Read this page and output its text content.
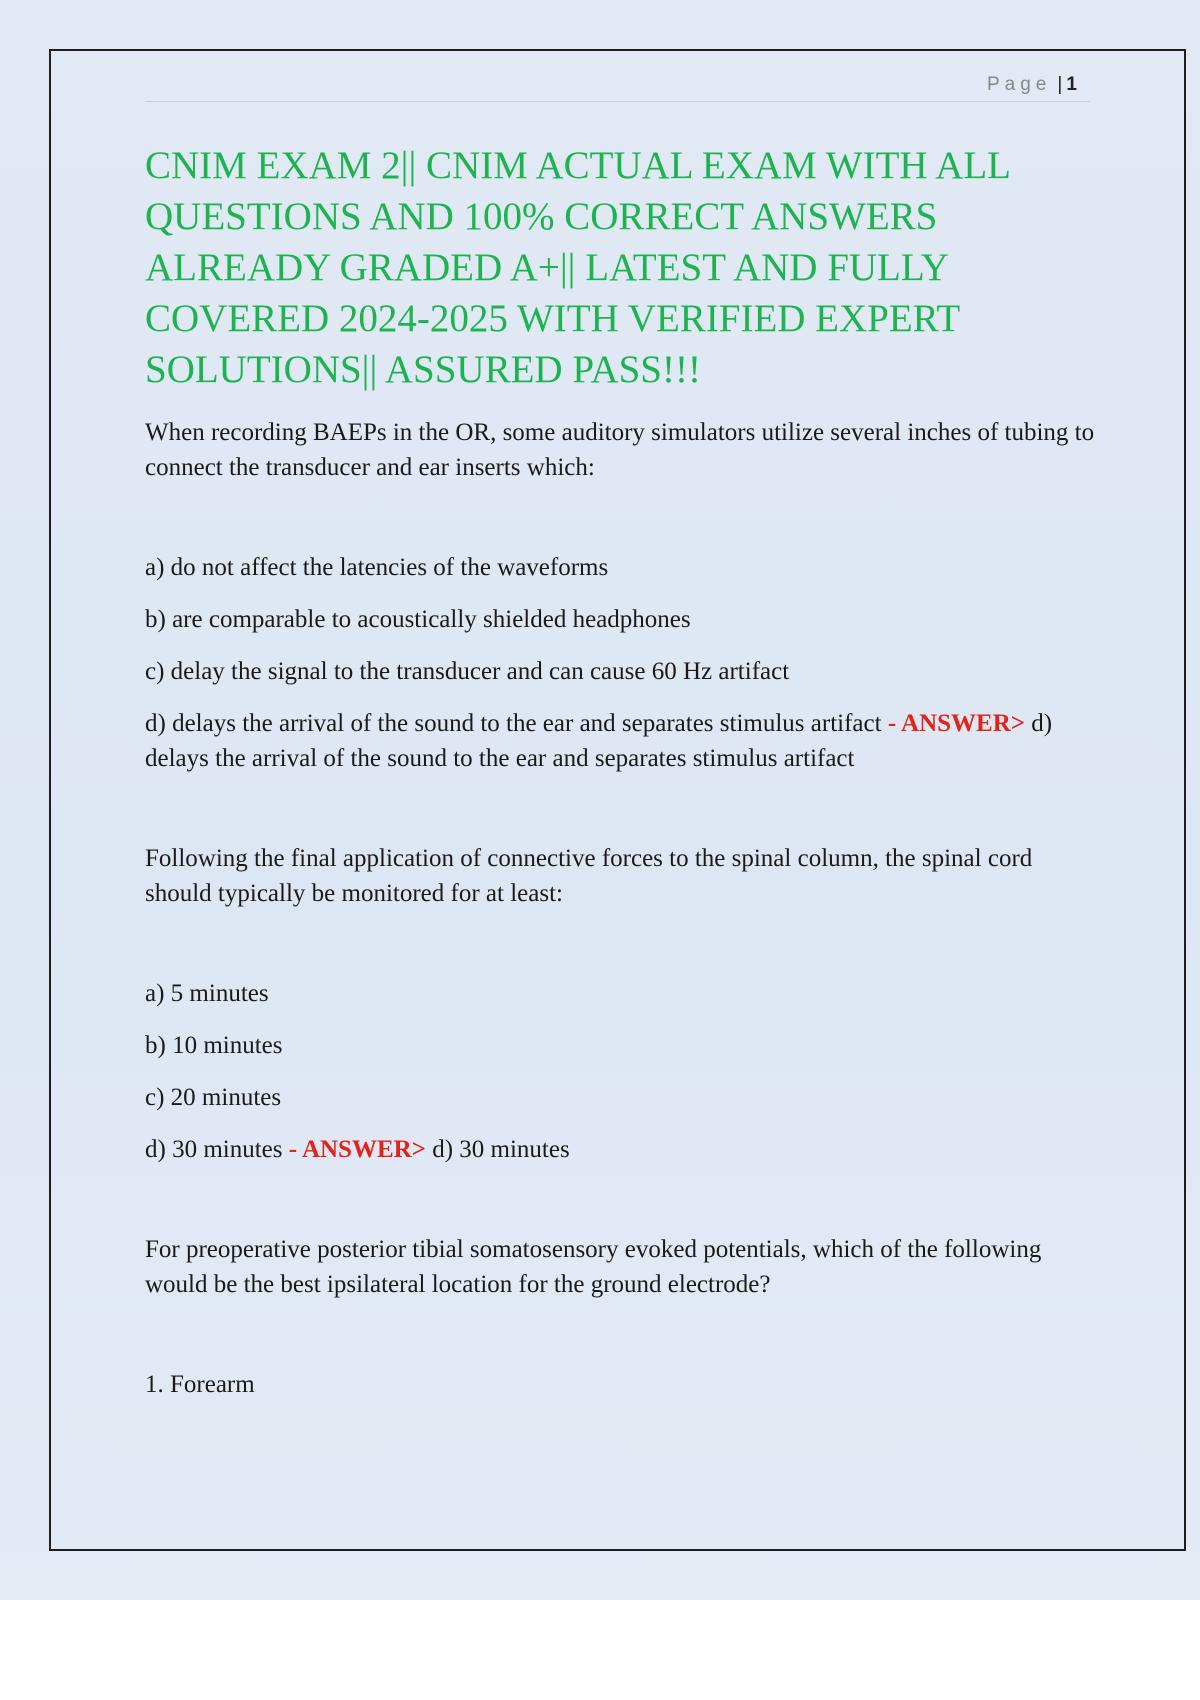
Page | 1
CNIM EXAM 2|| CNIM ACTUAL EXAM WITH ALL QUESTIONS AND 100% CORRECT ANSWERS ALREADY GRADED A+|| LATEST AND FULLY COVERED 2024-2025 WITH VERIFIED EXPERT SOLUTIONS|| ASSURED PASS!!!

When recording BAEPs in the OR, some auditory simulators utilize several inches of tubing to connect the transducer and ear inserts which:

a) do not affect the latencies of the waveforms

b) are comparable to acoustically shielded headphones

c) delay the signal to the transducer and can cause 60 Hz artifact

d) delays the arrival of the sound to the ear and separates stimulus artifact - ANSWER> d) delays the arrival of the sound to the ear and separates stimulus artifact

Following the final application of connective forces to the spinal column, the spinal cord should typically be monitored for at least:

a) 5 minutes

b) 10 minutes

c) 20 minutes

d) 30 minutes - ANSWER> d) 30 minutes

For preoperative posterior tibial somatosensory evoked potentials, which of the following would be the best ipsilateral location for the ground electrode?

1. Forearm
